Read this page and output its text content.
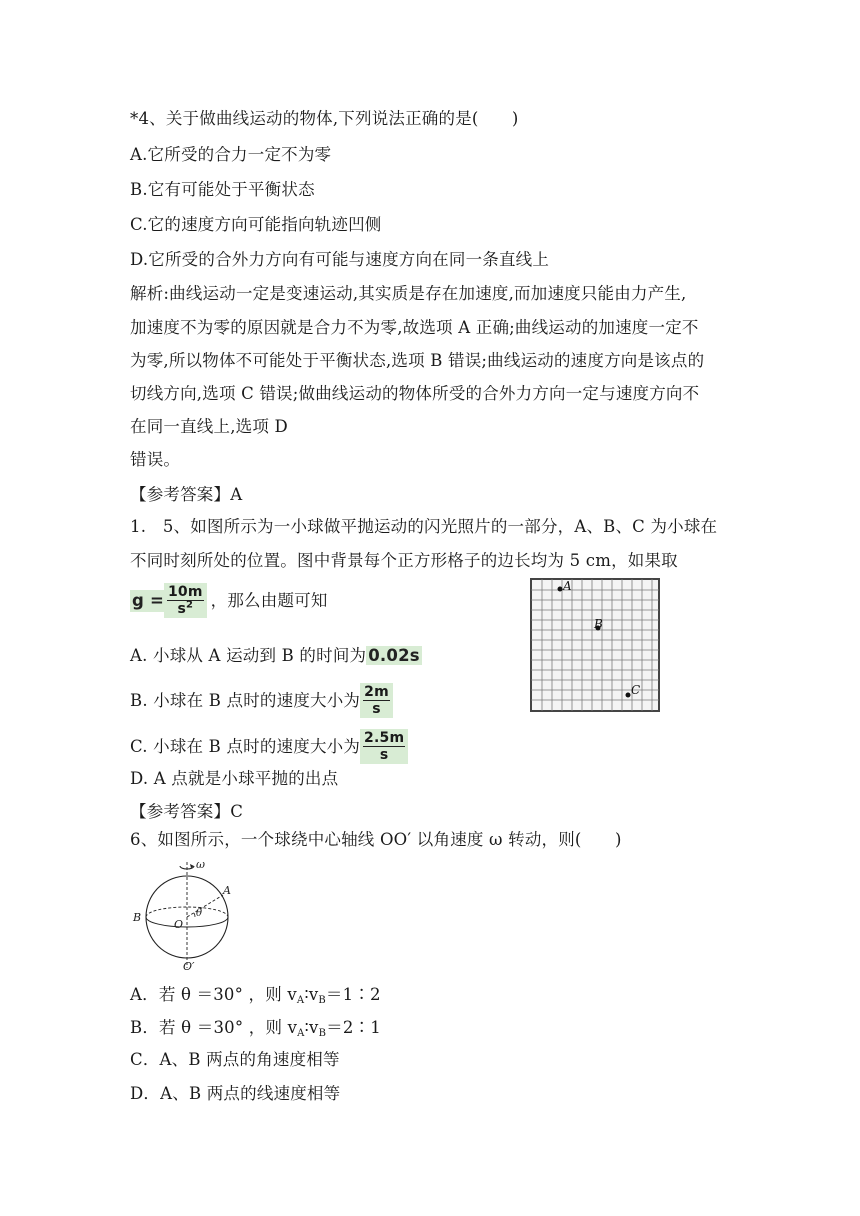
*4、关于做曲线运动的物体,下列说法正确的是(　　)
A.它所受的合力一定不为零
B.它有可能处于平衡状态
C.它的速度方向可能指向轨迹凹侧
D.它所受的合外力方向有可能与速度方向在同一条直线上
解析:曲线运动一定是变速运动,其实质是存在加速度,而加速度只能由力产生,
加速度不为零的原因就是合力不为零,故选项 A 正确;曲线运动的加速度一定不
为零,所以物体不可能处于平衡状态,选项 B 错误;曲线运动的速度方向是该点的
切线方向,选项 C 错误;做曲线运动的物体所受的合外力方向一定与速度方向不
在同一直线上,选项 D
错误。
【参考答案】A
1.　5、如图所示为一小球做平抛运动的闪光照片的一部分，A、B、C 为小球在
不同时刻所处的位置。图中背景每个正方形格子的边长均为 5 cm，如果取
$g = \frac{10m}{s^2}$ ，那么由题可知
A. 小球从 A 运动到 B 的时间为 0.02s
B. 小球在 B 点时的速度大小为 $\frac{2m}{s}$
C. 小球在 B 点时的速度大小为 $\frac{2.5m}{s}$
D. A 点就是小球平抛的出点
【参考答案】C
A
B
C
6、如图所示，一个球绕中心轴线 OO′ 以角速度 ω 转动，则(　　)
ω
A
B
O
θ
O′
A．若 θ ＝30° ，则 $v_A∶v_B=1∶2$
B．若 θ ＝30° ，则 $v_A∶v_B=2∶1$
C．A、B 两点的角速度相等
D．A、B 两点的线速度相等
